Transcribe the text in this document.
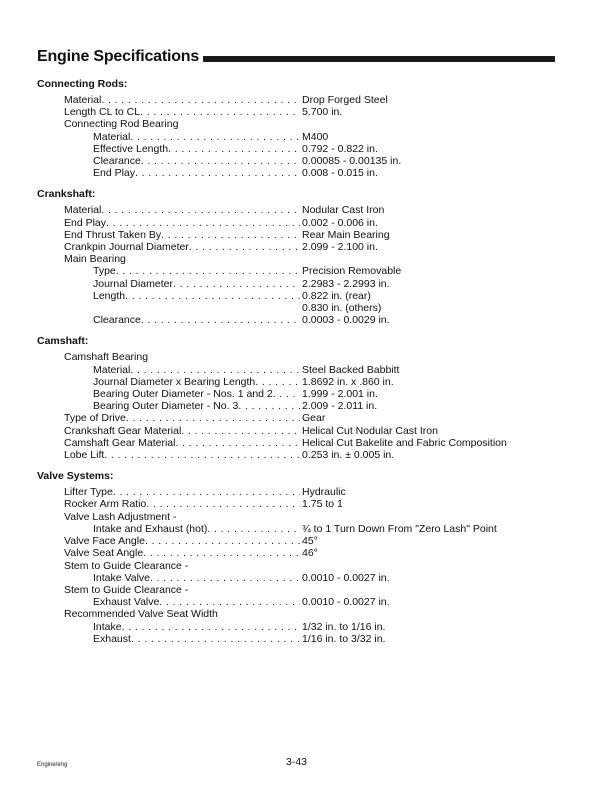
Engine Specifications
Connecting Rods:
Material . . .	Drop Forged Steel
Length CL to CL . . .	5.700 in.
Connecting Rod Bearing
Material . . .	M400
Effective Length . . .	0.792 - 0.822 in.
Clearance . . .	0.00085 - 0.00135 in.
End Play . . .	0.008 - 0.015 in.
Crankshaft:
Material . . .	Nodular Cast Iron
End Play . . .	0.002 - 0.006 in.
End Thrust Taken By . . .	Rear Main Bearing
Crankpin Journal Diameter . . .	2.099 - 2.100 in.
Main Bearing
Type . . .	Precision Removable
Journal Diameter . . .	2.2983 - 2.2993 in.
Length . . .	0.822 in. (rear)
0.830 in. (others)
Clearance . . .	0.0003 - 0.0029 in.
Camshaft:
Camshaft Bearing
Material . . .	Steel Backed Babbitt
Journal Diameter x Bearing Length . . .	1.8692 in. x .860 in.
Bearing Outer Diameter - Nos. 1 and 2 . . .	1.999 - 2.001 in.
Bearing Outer Diameter - No. 3 . . .	2.009 - 2.011 in.
Type of Drive . . .	Gear
Crankshaft Gear Material . . .	Helical Cut Nodular Cast Iron
Camshaft Gear Material . . .	Helical Cut Bakelite and Fabric Composition
Lobe Lift . . .	0.253 in. ± 0.005 in.
Valve Systems:
Lifter Type . . .	Hydraulic
Rocker Arm Ratio . . .	1.75 to 1
Valve Lash Adjustment -
Intake and Exhaust (hot) . . .	¾ to 1 Turn Down From "Zero Lash" Point
Valve Face Angle . . .	45°
Valve Seat Angle . . .	46°
Stem to Guide Clearance -
Intake Valve . . .	0.0010 - 0.0027 in.
Stem to Guide Clearance -
Exhaust Valve . . .	0.0010 - 0.0027 in.
Recommended Valve Seat Width
Intake . . .	1/32 in. to 1/16 in.
Exhaust . . .	1/16 in. to 3/32 in.
Engine/eng	3-43
